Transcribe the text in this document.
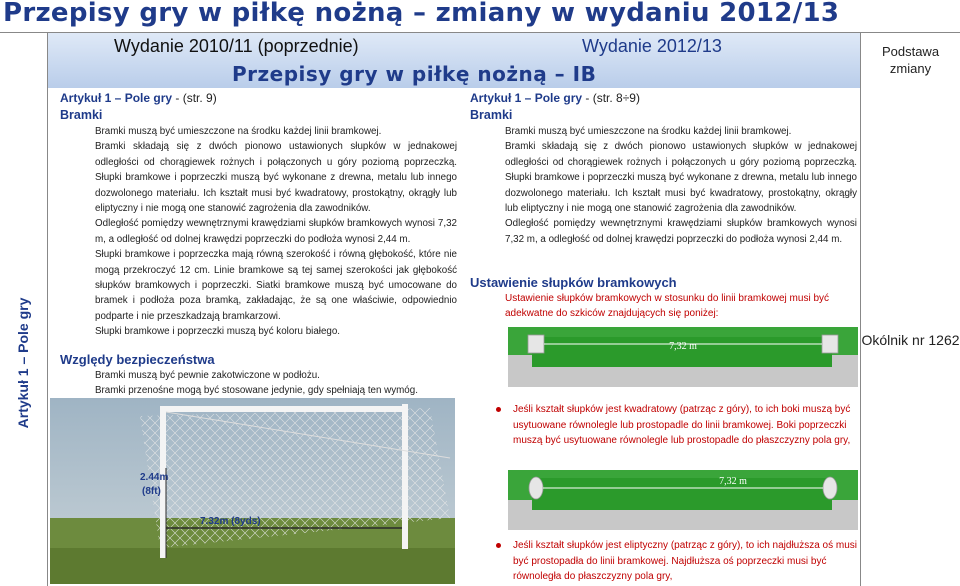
Przepisy gry w piłkę nożną – zmiany w wydaniu 2012/13
Artykuł 1 – Pole gry
Wydanie 2010/11 (poprzednie)	Wydanie 2012/13
Przepisy gry w piłkę nożną – IB
Podstawa zmiany
Okólnik nr 1262
Artykuł 1 – Pole gry - (str. 9)
Bramki

Bramki muszą być umieszczone na środku każdej linii bramkowej.

Bramki składają się z dwóch pionowo ustawionych słupków w jednakowej odległości od chorągiewek rożnych i połączonych u góry poziomą poprzeczką. Słupki bramkowe i poprzeczki muszą być wykonane z drewna, metalu lub innego dozwolonego materiału. Ich kształt musi być kwadratowy, prostokątny, okrągły lub eliptyczny i nie mogą one stanowić zagrożenia dla zawodników.

Odległość pomiędzy wewnętrznymi krawędziami słupków bramkowych wynosi 7,32 m, a odległość od dolnej krawędzi poprzeczki do podłoża wynosi 2,44 m.

Słupki bramkowe i poprzeczka mają równą szerokość i równą głębokość, które nie mogą przekroczyć 12 cm. Linie bramkowe są tej samej szerokości jak głębokość słupków bramkowych i poprzeczki. Siatki bramkowe muszą być umocowane do bramek i podłoża poza bramką, zakładając, że są one właściwie, odpowiednio podparte i nie przeszkadzają bramkarzowi.

Słupki bramkowe i poprzeczki muszą być koloru białego.

Względy bezpieczeństwa

Bramki muszą być pewnie zakotwiczone w podłożu.

Bramki przenośne mogą być stosowane jedynie, gdy spełniają ten wymóg.

2.44m
(8ft)
7.32m (8yds)
Artykuł 1 – Pole gry - (str. 8÷9)
Bramki

Bramki muszą być umieszczone na środku każdej linii bramkowej.

Bramki składają się z dwóch pionowo ustawionych słupków w jednakowej odległości od chorągiewek rożnych i połączonych u góry poziomą poprzeczką. Słupki bramkowe i poprzeczki muszą być wykonane z drewna, metalu lub innego dozwolonego materiału. Ich kształt musi być kwadratowy, prostokątny, okrągły lub eliptyczny i nie mogą one stanowić zagrożenia dla zawodników.

Odległość pomiędzy wewnętrznymi krawędziami słupków bramkowych wynosi 7,32 m, a odległość od dolnej krawędzi poprzeczki do podłoża wynosi 2,44 m.

Ustawienie słupków bramkowych
Ustawienie słupków bramkowych w stosunku do linii bramkowej musi być adekwatne do szkiców znajdujących się poniżej:
7,32 m
Jeśli kształt słupków jest kwadratowy (patrząc z góry), to ich boki muszą być usytuowane równolegle lub prostopadle do linii bramkowej. Boki poprzeczki muszą być usytuowane równolegle lub prostopadle do płaszczyzny pola gry,
7,32 m
Jeśli kształt słupków jest eliptyczny (patrząc z góry), to ich najdłuższa oś musi być prostopadła do linii bramkowej. Najdłuższa oś poprzeczki musi być równoległa do płaszczyzny pola gry,
